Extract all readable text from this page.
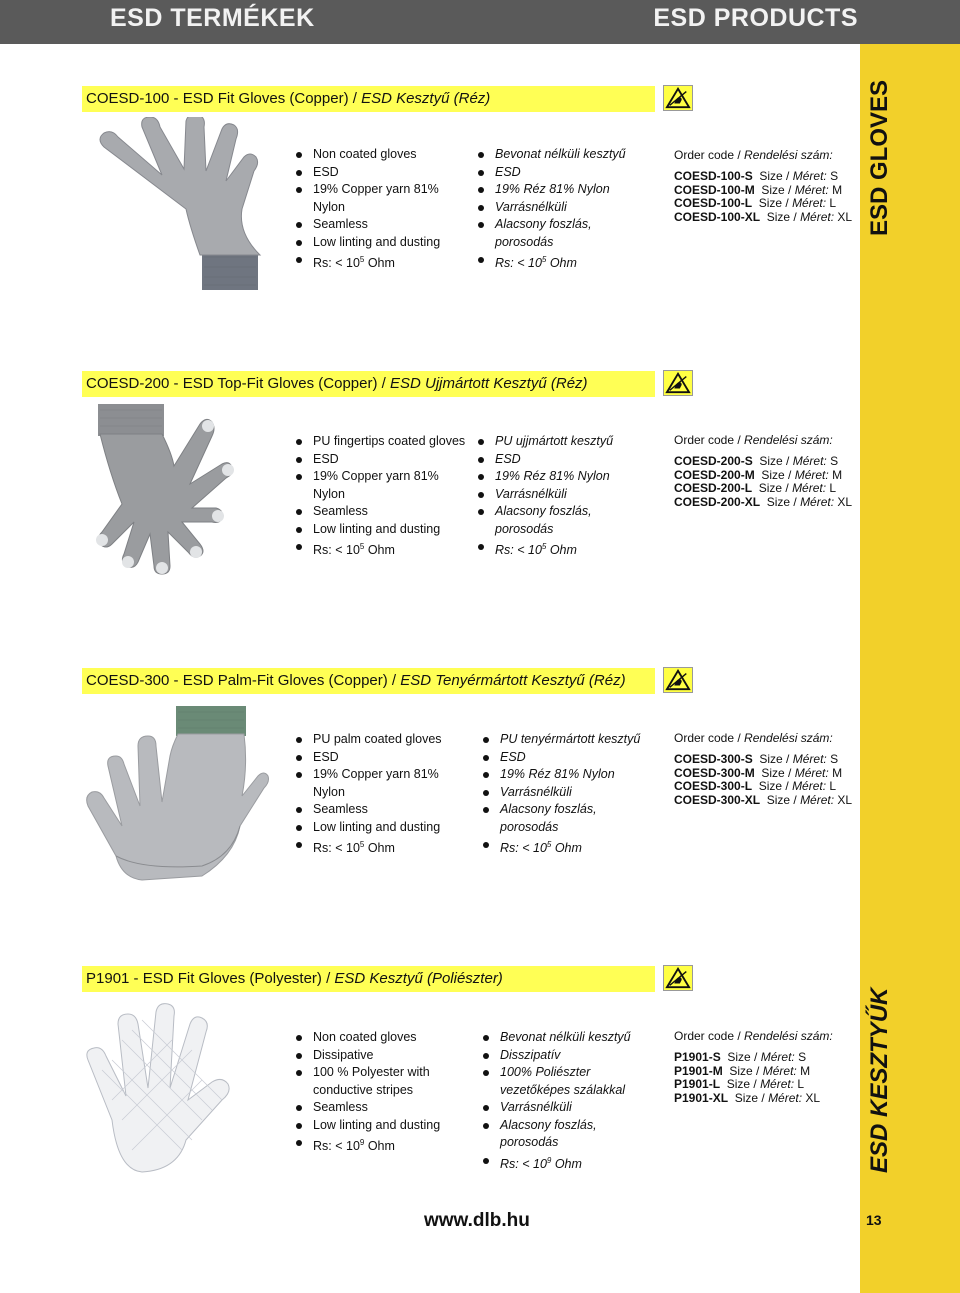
ESD TERMÉKEK	ESD PRODUCTS
ESD GLOVES
ESD KESZTYŰK
COESD-100 - ESD Fit Gloves (Copper) / ESD Kesztyű (Réz)
Non coated gloves
ESD
19% Copper yarn 81% Nylon
Seamless
Low linting and dusting
Rs: < $10^5$ Ohm
Bevonat nélküli kesztyű
ESD
19% Réz 81% Nylon
Varrásnélküli
Alacsony foszlás, porosodás
Rs: < $10^5$ Ohm
Order code / Rendelési szám:
COESD-100-S Size / Méret: S
COESD-100-M Size / Méret: M
COESD-100-L Size / Méret: L
COESD-100-XL Size / Méret: XL
COESD-200 - ESD Top-Fit Gloves (Copper) / ESD Ujjmártott Kesztyű (Réz)
PU fingertips coated gloves
ESD
19% Copper yarn 81% Nylon
Seamless
Low linting and dusting
Rs: < $10^5$ Ohm
PU ujjmártott kesztyű
ESD
19% Réz 81% Nylon
Varrásnélküli
Alacsony foszlás, porosodás
Rs: < $10^5$ Ohm
Order code / Rendelési szám:
COESD-200-S Size / Méret: S
COESD-200-M Size / Méret: M
COESD-200-L Size / Méret: L
COESD-200-XL Size / Méret: XL
COESD-300 - ESD Palm-Fit Gloves (Copper) / ESD Tenyérmártott Kesztyű (Réz)
PU palm coated gloves
ESD
19% Copper yarn 81% Nylon
Seamless
Low linting and dusting
Rs: < $10^5$ Ohm
PU tenyérmártott kesztyű
ESD
19% Réz 81% Nylon
Varrásnélküli
Alacsony foszlás, porosodás
Rs: < $10^5$ Ohm
Order code / Rendelési szám:
COESD-300-S Size / Méret: S
COESD-300-M Size / Méret: M
COESD-300-L Size / Méret: L
COESD-300-XL Size / Méret: XL
P1901 - ESD Fit Gloves (Polyester) / ESD Kesztyű (Poliészter)
Non coated gloves
Dissipative
100 % Polyester with conductive stripes
Seamless
Low linting and dusting
Rs: < $10^9$ Ohm
Bevonat nélküli kesztyű
Disszipatív
100% Poliészter vezetőképes szálakkal
Varrásnélküli
Alacsony foszlás, porosodás
Rs: < $10^9$ Ohm
Order code / Rendelési szám:
P1901-S Size / Méret: S
P1901-M Size / Méret: M
P1901-L Size / Méret: L
P1901-XL Size / Méret: XL
www.dlb.hu	13
